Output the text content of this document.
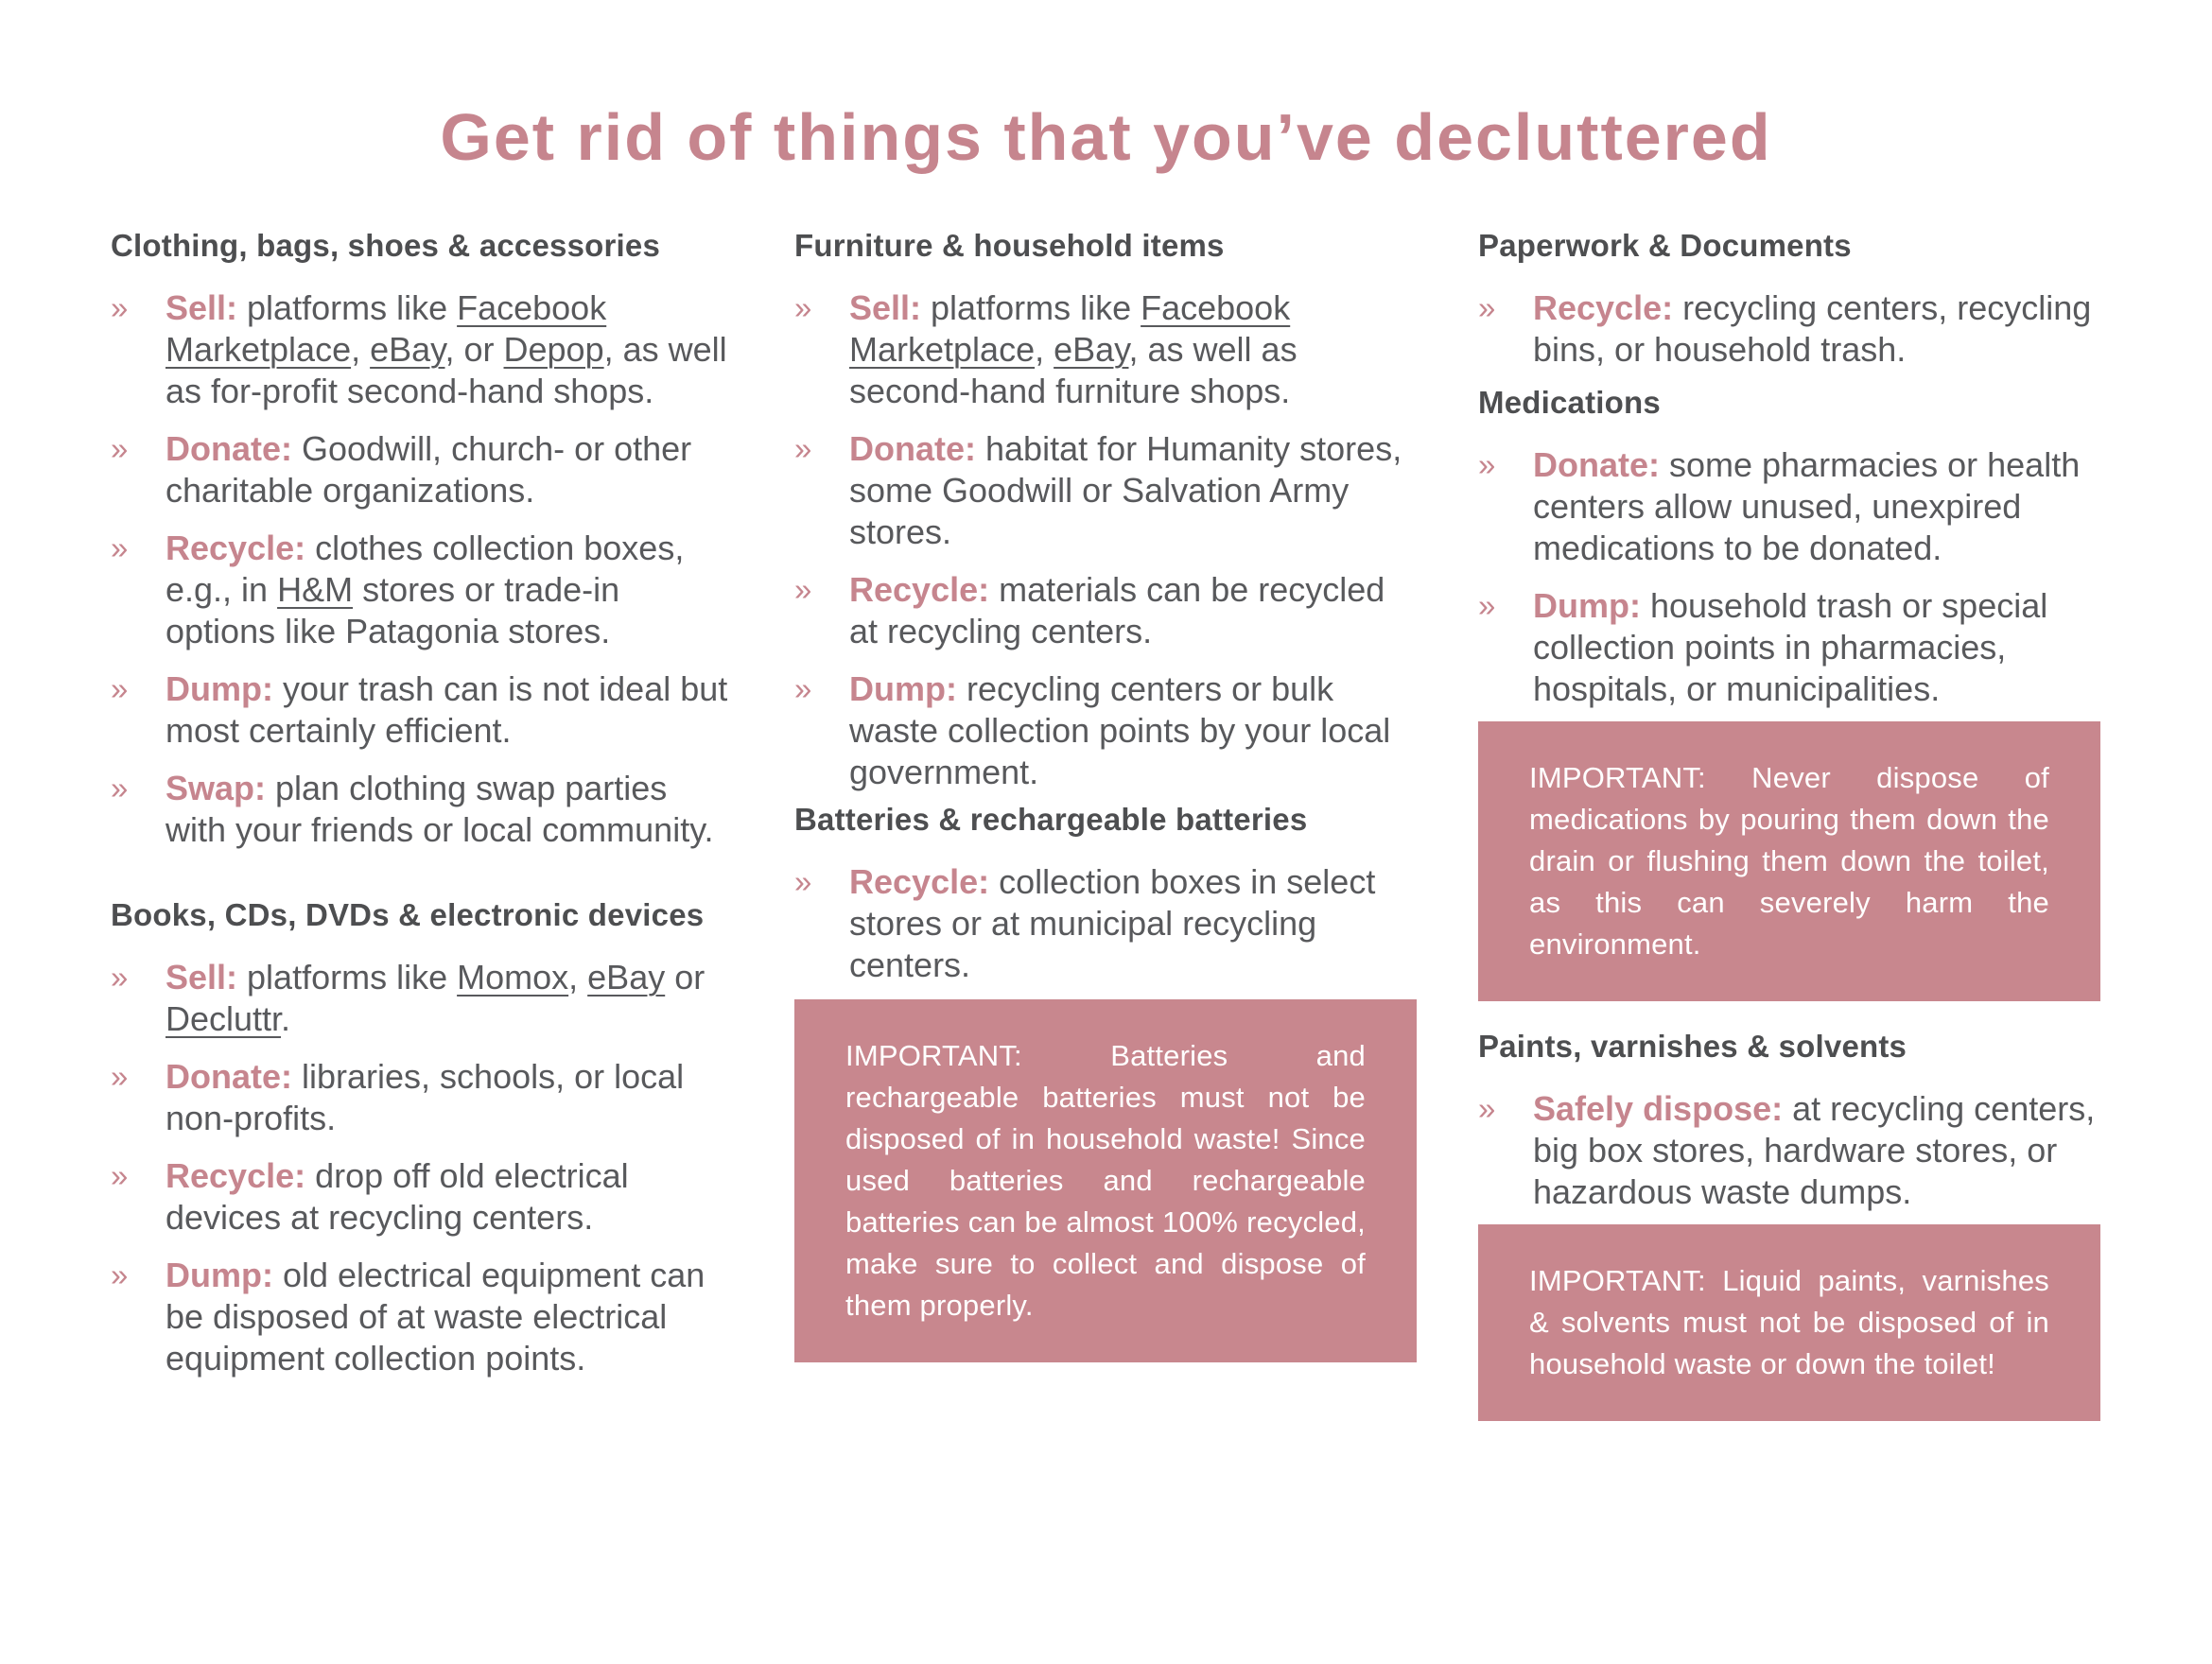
Get rid of things that you’ve decluttered
Clothing, bags, shoes & accessories
»	Sell: platforms like Facebook Marketplace, eBay, or Depop, as well as for-profit second-hand shops.

»	Donate: Goodwill, church- or other charitable organizations.

»	Recycle: clothes collection boxes, e.g., in H&M stores or trade-in options like Patagonia stores.

»	Dump: your trash can is not ideal but most certainly efficient.

»	Swap: plan clothing swap parties with your friends or local community.

Books, CDs, DVDs & electronic devices
»	Sell: platforms like Momox, eBay or Decluttr.

»	Donate: libraries, schools, or local non-profits.

»	Recycle: drop off old electrical devices at recycling centers.

»	Dump: old electrical equipment can be disposed of at waste electrical equipment collection points.

Furniture & household items
»	Sell: platforms like Facebook Marketplace, eBay, as well as second-hand furniture shops.

»	Donate: habitat for Humanity stores, some Goodwill or Salvation Army stores.

»	Recycle: materials can be recycled at recycling centers.

»	Dump: recycling centers or bulk waste collection points by your local government.

Batteries & rechargeable batteries
»	Recycle: collection boxes in select stores or at municipal recycling centers.

IMPORTANT: Batteries and rechargeable batteries must not be disposed of in household waste! Since used batteries and rechargeable batteries can be almost 100% recycled, make sure to collect and dispose of them properly.

Paperwork & Documents
»	Recycle: recycling centers, recycling bins, or household trash.

Medications
»	Donate: some pharmacies or health centers allow unused, unexpired medications to be donated.

»	Dump: household trash or special collection points in pharmacies, hospitals, or municipalities.

IMPORTANT: Never dispose of medications by pouring them down the drain or flushing them down the toilet, as this can severely harm the environment.

Paints, varnishes & solvents
»	Safely dispose: at recycling centers, big box stores, hardware stores, or hazardous waste dumps.

IMPORTANT: Liquid paints, varnishes & solvents must not be disposed of in household waste or down the toilet!
